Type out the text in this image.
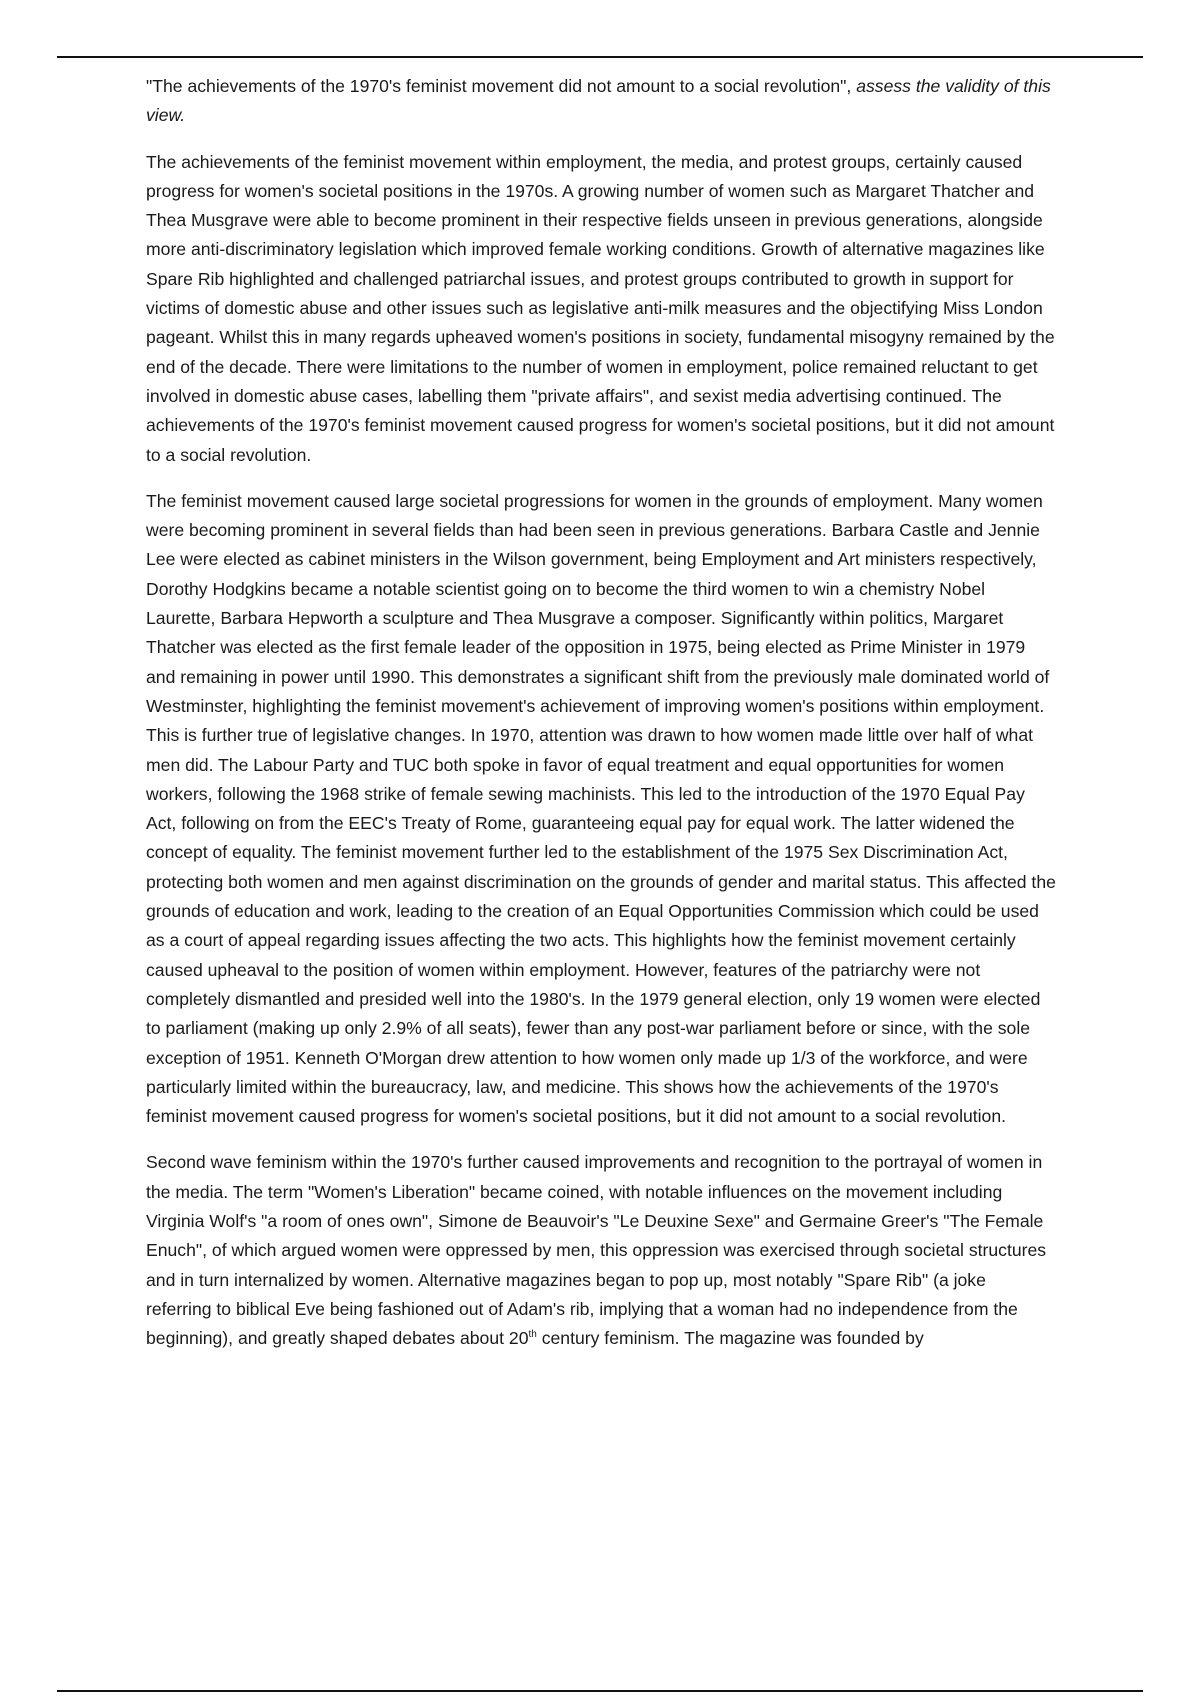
"The achievements of the 1970's feminist movement did not amount to a social revolution", assess the validity of this view.

The achievements of the feminist movement within employment, the media, and protest groups, certainly caused progress for women's societal positions in the 1970s. A growing number of women such as Margaret Thatcher and Thea Musgrave were able to become prominent in their respective fields unseen in previous generations, alongside more anti-discriminatory legislation which improved female working conditions. Growth of alternative magazines like Spare Rib highlighted and challenged patriarchal issues, and protest groups contributed to growth in support for victims of domestic abuse and other issues such as legislative anti-milk measures and the objectifying Miss London pageant. Whilst this in many regards upheaved women's positions in society, fundamental misogyny remained by the end of the decade. There were limitations to the number of women in employment, police remained reluctant to get involved in domestic abuse cases, labelling them "private affairs", and sexist media advertising continued. The achievements of the 1970's feminist movement caused progress for women's societal positions, but it did not amount to a social revolution.

The feminist movement caused large societal progressions for women in the grounds of employment. Many women were becoming prominent in several fields than had been seen in previous generations. Barbara Castle and Jennie Lee were elected as cabinet ministers in the Wilson government, being Employment and Art ministers respectively, Dorothy Hodgkins became a notable scientist going on to become the third women to win a chemistry Nobel Laurette, Barbara Hepworth a sculpture and Thea Musgrave a composer. Significantly within politics, Margaret Thatcher was elected as the first female leader of the opposition in 1975, being elected as Prime Minister in 1979 and remaining in power until 1990. This demonstrates a significant shift from the previously male dominated world of Westminster, highlighting the feminist movement's achievement of improving women's positions within employment. This is further true of legislative changes. In 1970, attention was drawn to how women made little over half of what men did. The Labour Party and TUC both spoke in favor of equal treatment and equal opportunities for women workers, following the 1968 strike of female sewing machinists. This led to the introduction of the 1970 Equal Pay Act, following on from the EEC's Treaty of Rome, guaranteeing equal pay for equal work. The latter widened the concept of equality. The feminist movement further led to the establishment of the 1975 Sex Discrimination Act, protecting both women and men against discrimination on the grounds of gender and marital status. This affected the grounds of education and work, leading to the creation of an Equal Opportunities Commission which could be used as a court of appeal regarding issues affecting the two acts. This highlights how the feminist movement certainly caused upheaval to the position of women within employment. However, features of the patriarchy were not completely dismantled and presided well into the 1980's. In the 1979 general election, only 19 women were elected to parliament (making up only 2.9% of all seats), fewer than any post-war parliament before or since, with the sole exception of 1951. Kenneth O'Morgan drew attention to how women only made up 1/3 of the workforce, and were particularly limited within the bureaucracy, law, and medicine. This shows how the achievements of the 1970's feminist movement caused progress for women's societal positions, but it did not amount to a social revolution.

Second wave feminism within the 1970's further caused improvements and recognition to the portrayal of women in the media. The term "Women's Liberation" became coined, with notable influences on the movement including Virginia Wolf's "a room of ones own", Simone de Beauvoir's "Le Deuxine Sexe" and Germaine Greer's "The Female Enuch", of which argued women were oppressed by men, this oppression was exercised through societal structures and in turn internalized by women. Alternative magazines began to pop up, most notably "Spare Rib" (a joke referring to biblical Eve being fashioned out of Adam's rib, implying that a woman had no independence from the beginning), and greatly shaped debates about 20th century feminism. The magazine was founded by
